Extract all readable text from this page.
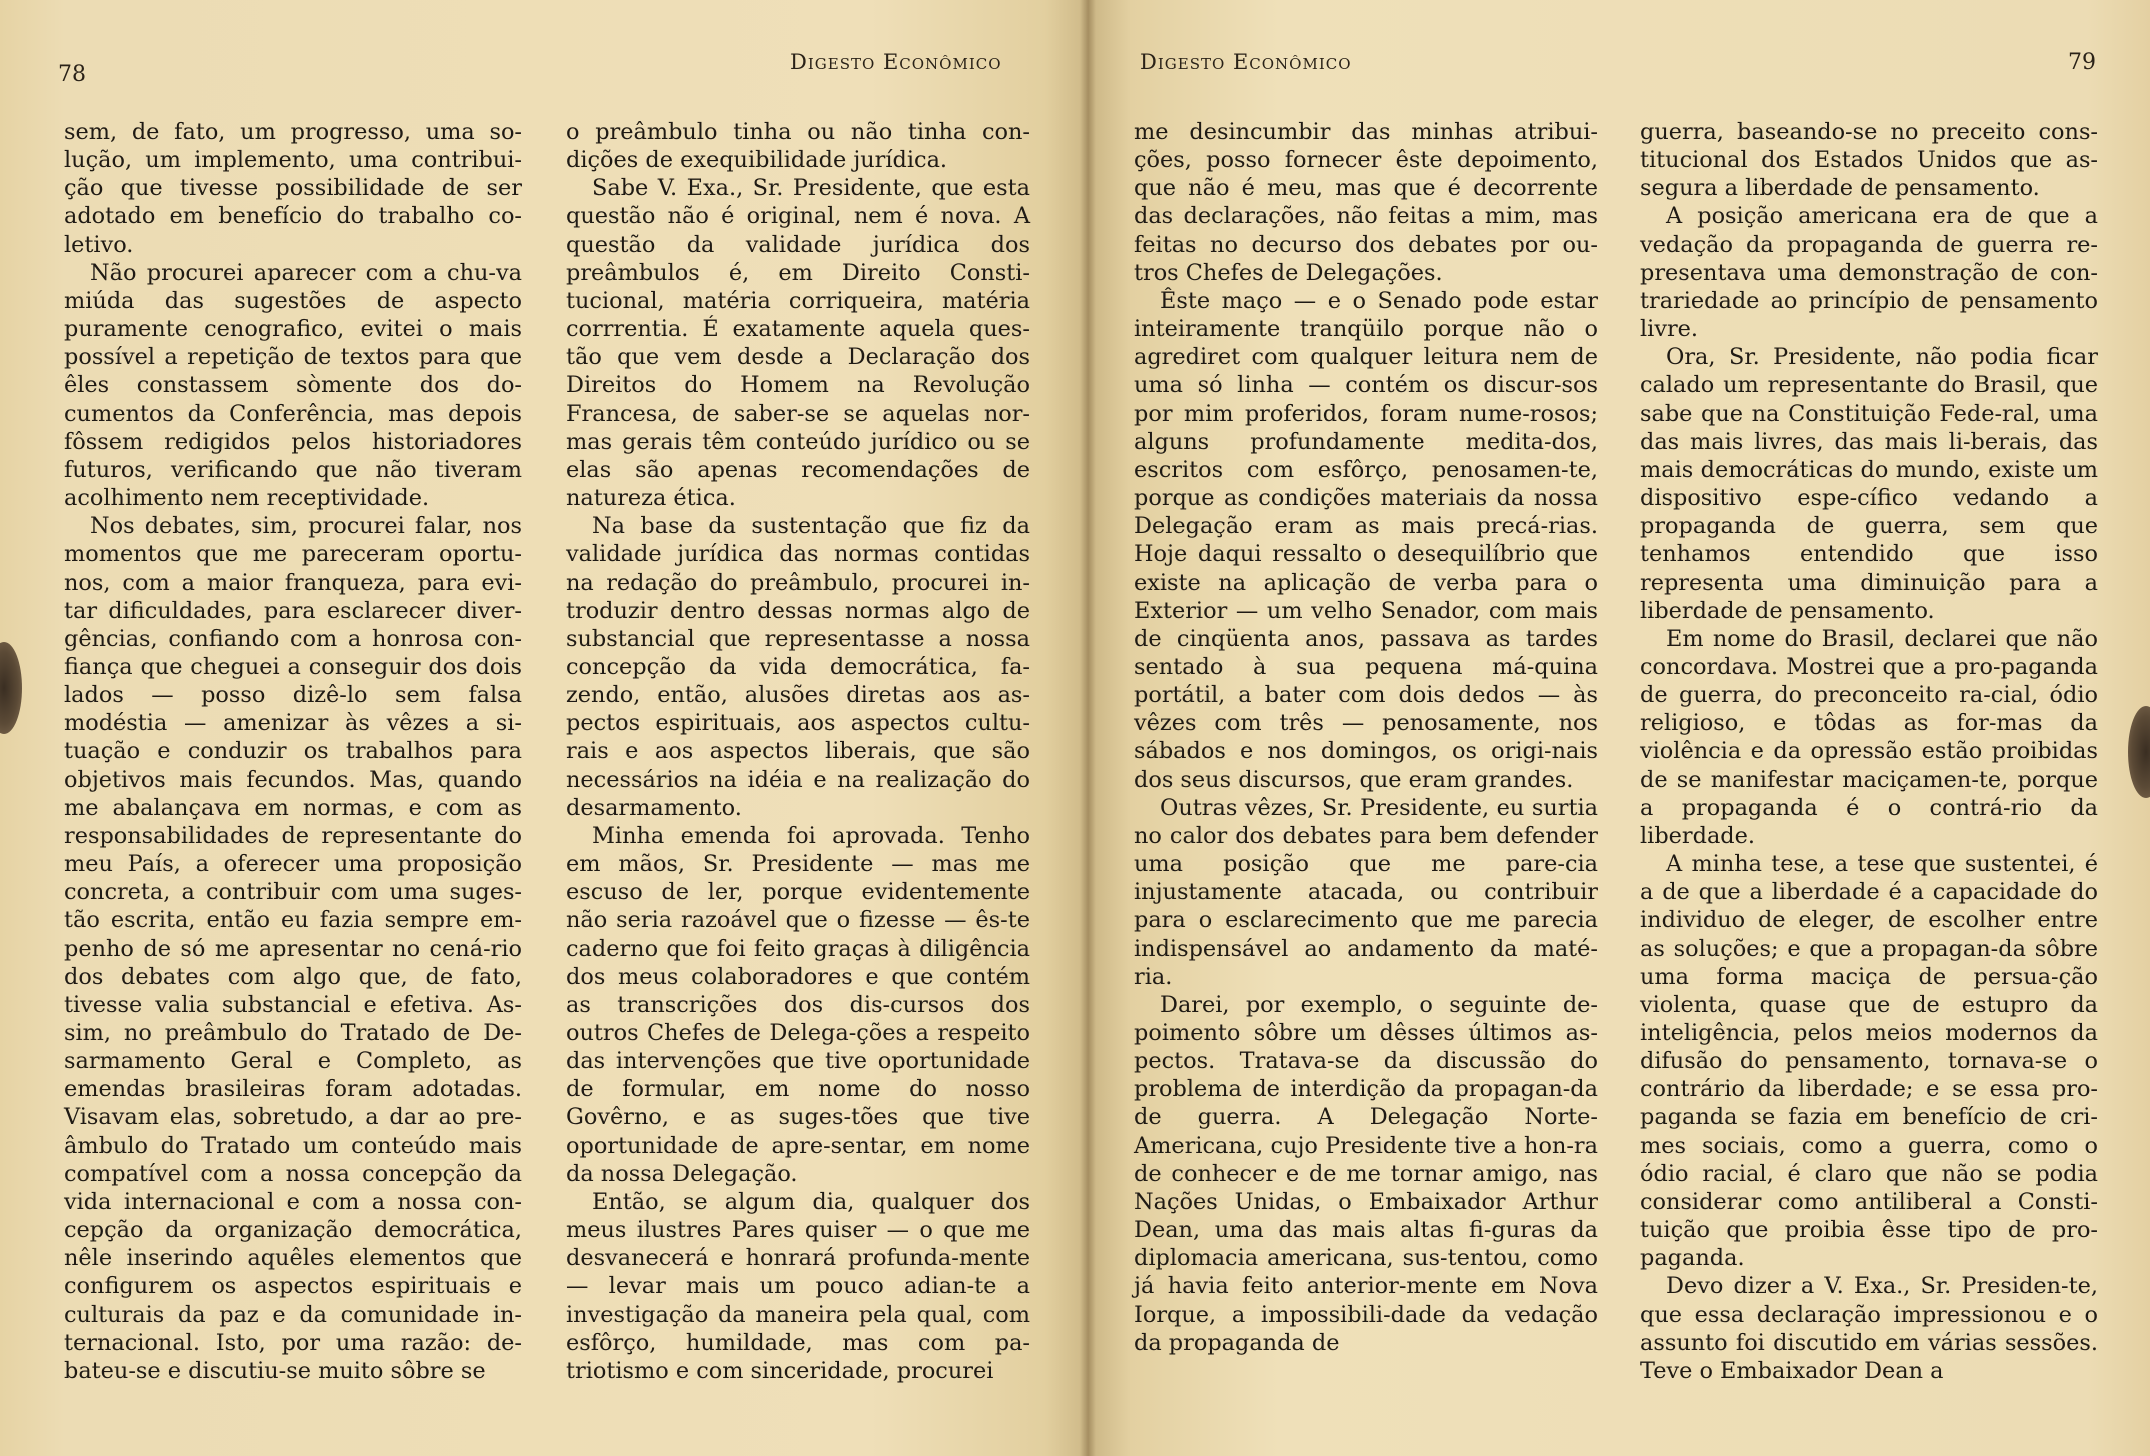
78	Digesto Econômico

sem, de fato, um progresso, uma so-lução, um implemento, uma contribui-ção que tivesse possibilidade de ser adotado em benefício do trabalho co-letivo.

Não procurei aparecer com a chu-va miúda das sugestões de aspecto puramente cenografico, evitei o mais possível a repetição de textos para que êles constassem sòmente dos do-cumentos da Conferência, mas depois fôssem redigidos pelos historiadores futuros, verificando que não tiveram acolhimento nem receptividade.

Nos debates, sim, procurei falar, nos momentos que me pareceram oportu-nos, com a maior franqueza, para evi-tar dificuldades, para esclarecer diver-gências, confiando com a honrosa con-fiança que cheguei a conseguir dos dois lados — posso dizê-lo sem falsa modéstia — amenizar às vêzes a si-tuação e conduzir os trabalhos para objetivos mais fecundos. Mas, quando me abalançava em normas, e com as responsabilidades de representante do meu País, a oferecer uma proposição concreta, a contribuir com uma suges-tão escrita, então eu fazia sempre em-penho de só me apresentar no cená-rio dos debates com algo que, de fato, tivesse valia substancial e efetiva. As-sim, no preâmbulo do Tratado de De-sarmamento Geral e Completo, as emendas brasileiras foram adotadas. Visavam elas, sobretudo, a dar ao pre-âmbulo do Tratado um conteúdo mais compatível com a nossa concepção da vida internacional e com a nossa con-cepção da organização democrática, nêle inserindo aquêles elementos que configurem os aspectos espirituais e culturais da paz e da comunidade in-ternacional. Isto, por uma razão: de-bateu-se e discutiu-se muito sôbre se

o preâmbulo tinha ou não tinha con-dições de exequibilidade jurídica.

Sabe V. Exa., Sr. Presidente, que esta questão não é original, nem é nova. A questão da validade jurídica dos preâmbulos é, em Direito Consti-tucional, matéria corriqueira, matéria corrrentia. É exatamente aquela ques-tão que vem desde a Declaração dos Direitos do Homem na Revolução Francesa, de saber-se se aquelas nor-mas gerais têm conteúdo jurídico ou se elas são apenas recomendações de natureza ética.

Na base da sustentação que fiz da validade jurídica das normas contidas na redação do preâmbulo, procurei in-troduzir dentro dessas normas algo de substancial que representasse a nossa concepção da vida democrática, fa-zendo, então, alusões diretas aos as-pectos espirituais, aos aspectos cultu-rais e aos aspectos liberais, que são necessários na idéia e na realização do desarmamento.

Minha emenda foi aprovada. Tenho em mãos, Sr. Presidente — mas me escuso de ler, porque evidentemente não seria razoável que o fizesse — ês-te caderno que foi feito graças à diligência dos meus colaboradores e que contém as transcrições dos dis-cursos dos outros Chefes de Delega-ções a respeito das intervenções que tive oportunidade de formular, em nome do nosso Govêrno, e as suges-tões que tive oportunidade de apre-sentar, em nome da nossa Delegação.

Então, se algum dia, qualquer dos meus ilustres Pares quiser — o que me desvanecerá e honrará profunda-mente — levar mais um pouco adian-te a investigação da maneira pela qual, com esfôrço, humildade, mas com pa-triotismo e com sinceridade, procurei

Digesto Econômico	79

me desincumbir das minhas atribui-ções, posso fornecer êste depoimento, que não é meu, mas que é decorrente das declarações, não feitas a mim, mas feitas no decurso dos debates por ou-tros Chefes de Delegações.

Êste maço — e o Senado pode estar inteiramente tranqüilo porque não o agrediret com qualquer leitura nem de uma só linha — contém os discur-sos por mim proferidos, foram nume-rosos; alguns profundamente medita-dos, escritos com esfôrço, penosamen-te, porque as condições materiais da nossa Delegação eram as mais precá-rias. Hoje daqui ressalto o desequilíbrio que existe na aplicação de verba para o Exterior — um velho Senador, com mais de cinqüenta anos, passava as tardes sentado à sua pequena má-quina portátil, a bater com dois dedos — às vêzes com três — penosamente, nos sábados e nos domingos, os origi-nais dos seus discursos, que eram grandes.

Outras vêzes, Sr. Presidente, eu surtia no calor dos debates para bem defender uma posição que me pare-cia injustamente atacada, ou contribuir para o esclarecimento que me parecia indispensável ao andamento da maté-ria.

Darei, por exemplo, o seguinte de-poimento sôbre um dêsses últimos as-pectos. Tratava-se da discussão do problema de interdição da propagan-da de guerra. A Delegação Norte-Americana, cujo Presidente tive a hon-ra de conhecer e de me tornar amigo, nas Nações Unidas, o Embaixador Arthur Dean, uma das mais altas fi-guras da diplomacia americana, sus-tentou, como já havia feito anterior-mente em Nova Iorque, a impossibili-dade da vedação da propaganda de

guerra, baseando-se no preceito cons-titucional dos Estados Unidos que as-segura a liberdade de pensamento.

A posição americana era de que a vedação da propaganda de guerra re-presentava uma demonstração de con-trariedade ao princípio de pensamento livre.

Ora, Sr. Presidente, não podia ficar calado um representante do Brasil, que sabe que na Constituição Fede-ral, uma das mais livres, das mais li-berais, das mais democráticas do mundo, existe um dispositivo espe-cífico vedando a propaganda de guerra, sem que tenhamos entendido que isso representa uma diminuição para a liberdade de pensamento.

Em nome do Brasil, declarei que não concordava. Mostrei que a pro-paganda de guerra, do preconceito ra-cial, ódio religioso, e tôdas as for-mas da violência e da opressão estão proibidas de se manifestar maciçamen-te, porque a propaganda é o contrá-rio da liberdade.

A minha tese, a tese que sustentei, é a de que a liberdade é a capacidade do individuo de eleger, de escolher entre as soluções; e que a propagan-da sôbre uma forma maciça de persua-ção violenta, quase que de estupro da inteligência, pelos meios modernos da difusão do pensamento, tornava-se o contrário da liberdade; e se essa pro-paganda se fazia em benefício de cri-mes sociais, como a guerra, como o ódio racial, é claro que não se podia considerar como antiliberal a Consti-tuição que proibia êsse tipo de pro-paganda.

Devo dizer a V. Exa., Sr. Presiden-te, que essa declaração impressionou e o assunto foi discutido em várias sessões. Teve o Embaixador Dean a
